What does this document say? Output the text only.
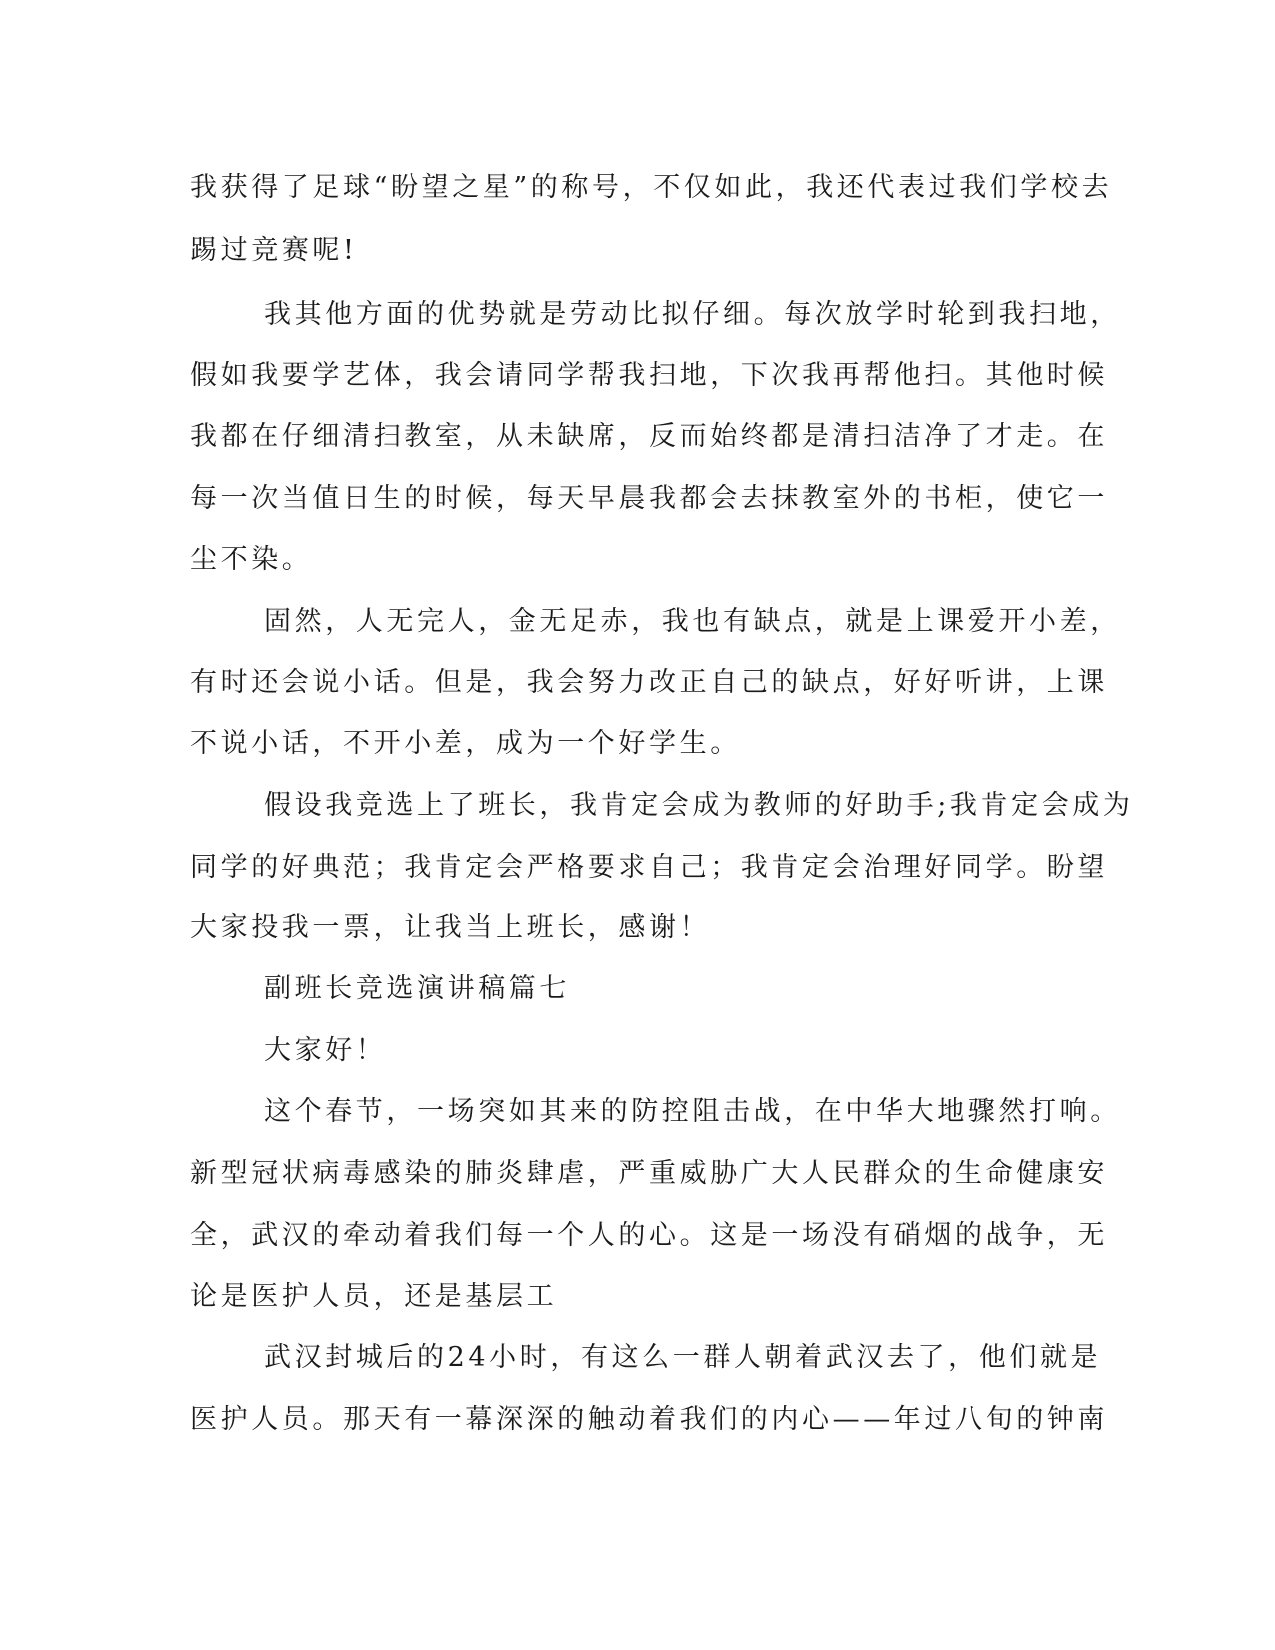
我获得了足球“盼望之星”的称号，不仅如此，我还代表过我们学校去
踢过竞赛呢!
我其他方面的优势就是劳动比拟仔细。每次放学时轮到我扫地，
假如我要学艺体，我会请同学帮我扫地，下次我再帮他扫。其他时候
我都在仔细清扫教室，从未缺席，反而始终都是清扫洁净了才走。在
每一次当值日生的时候，每天早晨我都会去抹教室外的书柜，使它一
尘不染。
固然，人无完人，金无足赤，我也有缺点，就是上课爱开小差，
有时还会说小话。但是，我会努力改正自己的缺点，好好听讲，上课
不说小话，不开小差，成为一个好学生。
假设我竞选上了班长，我肯定会成为教师的好助手;我肯定会成为
同学的好典范；我肯定会严格要求自己；我肯定会治理好同学。盼望
大家投我一票，让我当上班长，感谢！
副班长竞选演讲稿篇七
大家好！
这个春节，一场突如其来的防控阻击战，在中华大地骤然打响。
新型冠状病毒感染的肺炎肆虐，严重威胁广大人民群众的生命健康安
全，武汉的牵动着我们每一个人的心。这是一场没有硝烟的战争，无
论是医护人员，还是基层工
武汉封城后的24小时，有这么一群人朝着武汉去了，他们就是
医护人员。那天有一幕深深的触动着我们的内心——年过八旬的钟南
